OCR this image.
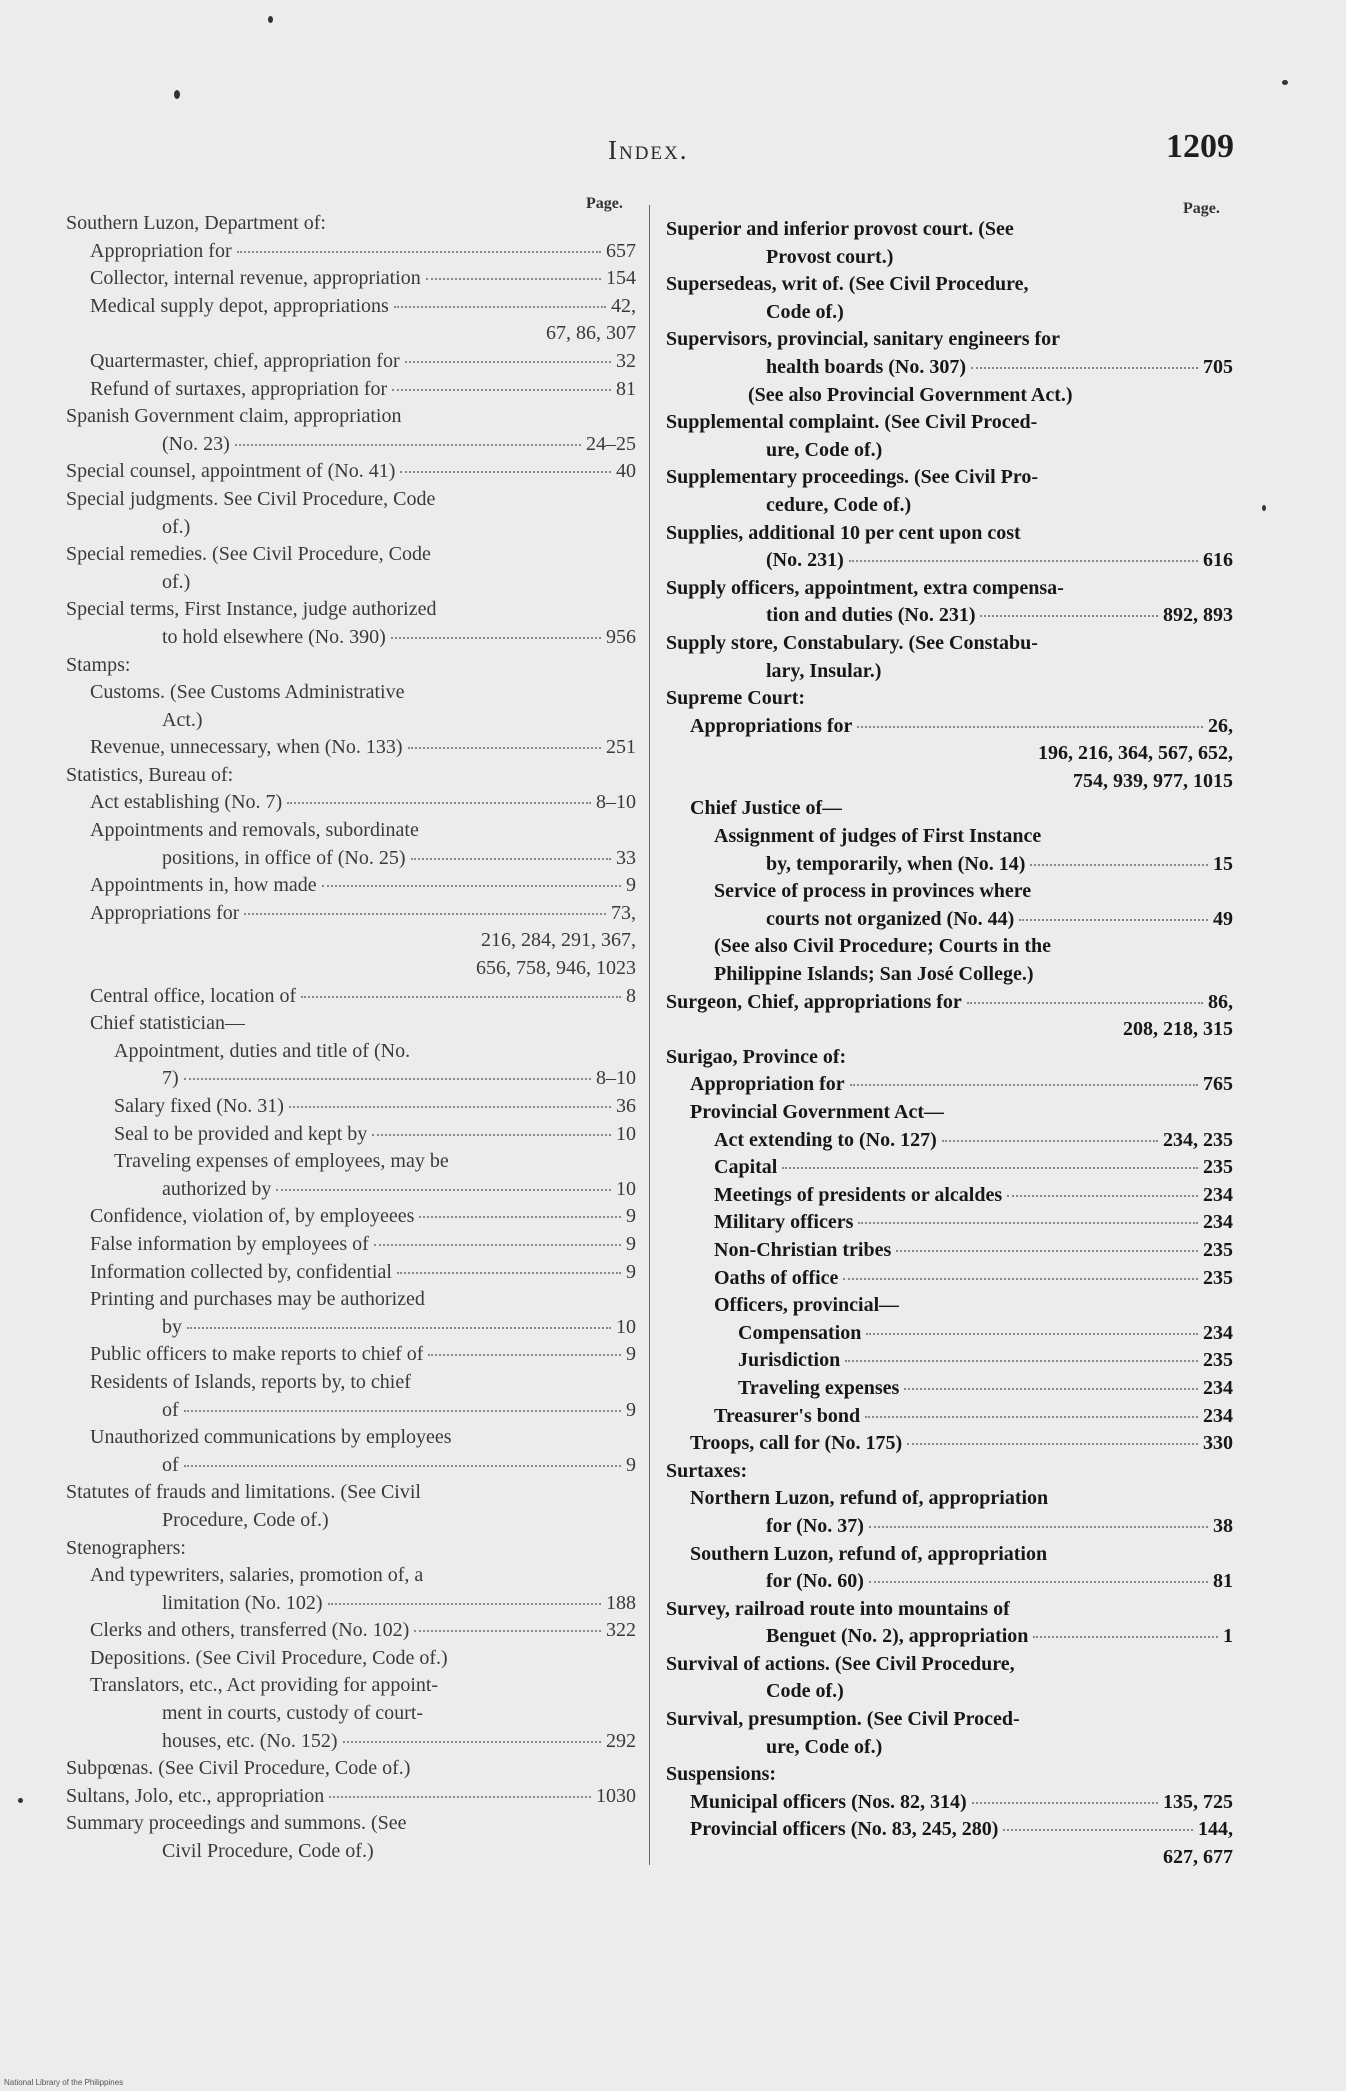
Index.	1209
Page.	Page.
Southern Luzon, Department of:
Appropriation for	657
Collector, internal revenue, appropriation	154
Medical supply depot, appropriations	42,
67, 86, 307
Quartermaster, chief, appropriation for	32
Refund of surtaxes, appropriation for	81
Spanish Government claim, appropriation
(No. 23)	24–25
Special counsel, appointment of (No. 41)	40
Special judgments. See Civil Procedure, Code
of.)
Special remedies. (See Civil Procedure, Code
of.)
Special terms, First Instance, judge authorized
to hold elsewhere (No. 390)	956
Stamps:
Customs. (See Customs Administrative
Act.)
Revenue, unnecessary, when (No. 133)	251
Statistics, Bureau of:
Act establishing (No. 7)	8–10
Appointments and removals, subordinate
positions, in office of (No. 25)	33
Appointments in, how made	9
Appropriations for	73,
216, 284, 291, 367,
656, 758, 946, 1023
Central office, location of	8
Chief statistician—
Appointment, duties and title of (No.
7)	8–10
Salary fixed (No. 31)	36
Seal to be provided and kept by	10
Traveling expenses of employees, may be
authorized by	10
Confidence, violation of, by employeees	9
False information by employees of	9
Information collected by, confidential	9
Printing and purchases may be authorized
by	10
Public officers to make reports to chief of	9
Residents of Islands, reports by, to chief
of	9
Unauthorized communications by employees
of	9
Statutes of frauds and limitations. (See Civil
Procedure, Code of.)
Stenographers:
And typewriters, salaries, promotion of, a
limitation (No. 102)	188
Clerks and others, transferred (No. 102)	322
Depositions. (See Civil Procedure, Code of.)
Translators, etc., Act providing for appoint-
ment in courts, custody of court-
houses, etc. (No. 152)	292
Subpœnas. (See Civil Procedure, Code of.)
Sultans, Jolo, etc., appropriation	1030
Summary proceedings and summons. (See
Civil Procedure, Code of.)
Superior and inferior provost court. (See
Provost court.)
Supersedeas, writ of. (See Civil Procedure,
Code of.)
Supervisors, provincial, sanitary engineers for
health boards (No. 307)	705
(See also Provincial Government Act.)
Supplemental complaint. (See Civil Proced-
ure, Code of.)
Supplementary proceedings. (See Civil Pro-
cedure, Code of.)
Supplies, additional 10 per cent upon cost
(No. 231)	616
Supply officers, appointment, extra compensa-
tion and duties (No. 231)	892, 893
Supply store, Constabulary. (See Constabu-
lary, Insular.)
Supreme Court:
Appropriations for	26,
196, 216, 364, 567, 652,
754, 939, 977, 1015
Chief Justice of—
Assignment of judges of First Instance
by, temporarily, when (No. 14)	15
Service of process in provinces where
courts not organized (No. 44)	49
(See also Civil Procedure; Courts in the
Philippine Islands; San José College.)
Surgeon, Chief, appropriations for	86,
208, 218, 315
Surigao, Province of:
Appropriation for	765
Provincial Government Act—
Act extending to (No. 127)	234, 235
Capital	235
Meetings of presidents or alcaldes	234
Military officers	234
Non-Christian tribes	235
Oaths of office	235
Officers, provincial—
Compensation	234
Jurisdiction	235
Traveling expenses	234
Treasurer's bond	234
Troops, call for (No. 175)	330
Surtaxes:
Northern Luzon, refund of, appropriation
for (No. 37)	38
Southern Luzon, refund of, appropriation
for (No. 60)	81
Survey, railroad route into mountains of
Benguet (No. 2), appropriation	1
Survival of actions. (See Civil Procedure,
Code of.)
Survival, presumption. (See Civil Proced-
ure, Code of.)
Suspensions:
Municipal officers (Nos. 82, 314)	135, 725
Provincial officers (No. 83, 245, 280)	144,
627, 677
National Library of the Philippines
